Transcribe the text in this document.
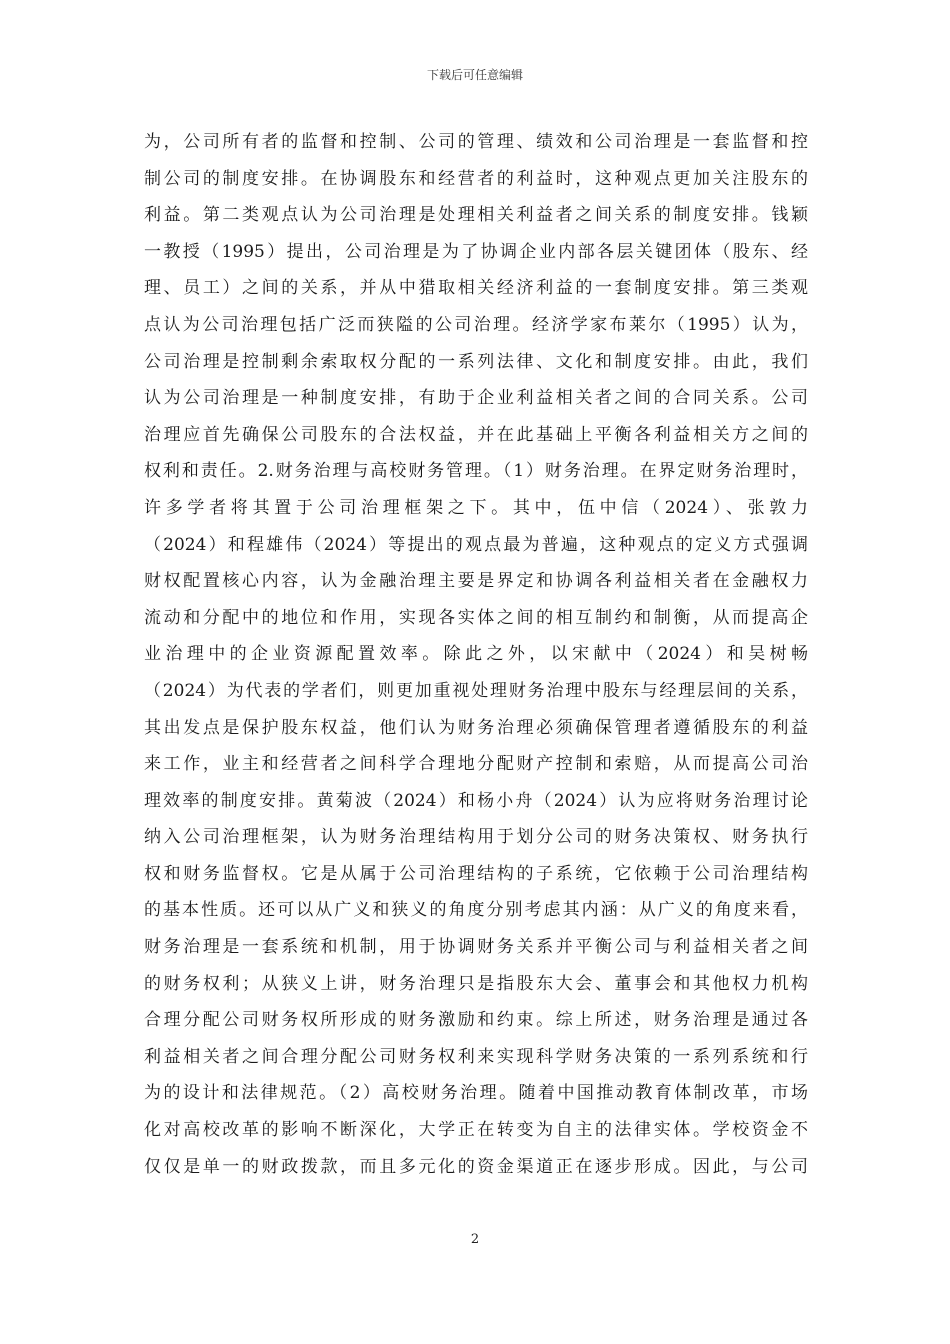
下载后可任意编辑
为，公司所有者的监督和控制、公司的管理、绩效和公司治理是一套监督和控
制公司的制度安排。在协调股东和经营者的利益时，这种观点更加关注股东的
利益。第二类观点认为公司治理是处理相关利益者之间关系的制度安排。钱颖
一教授（1995）提出，公司治理是为了协调企业内部各层关键团体（股东、经
理、员工）之间的关系，并从中猎取相关经济利益的一套制度安排。第三类观
点认为公司治理包括广泛而狭隘的公司治理。经济学家布莱尔（1995）认为，
公司治理是控制剩余索取权分配的一系列法律、文化和制度安排。由此，我们
认为公司治理是一种制度安排，有助于企业利益相关者之间的合同关系。公司
治理应首先确保公司股东的合法权益，并在此基础上平衡各利益相关方之间的
权利和责任。2.财务治理与高校财务管理。（1）财务治理。在界定财务治理时，
许多学者将其置于公司治理框架之下。其中，伍中信（2024）、张敦力
（2024）和程雄伟（2024）等提出的观点最为普遍，这种观点的定义方式强调
财权配置核心内容，认为金融治理主要是界定和协调各利益相关者在金融权力
流动和分配中的地位和作用，实现各实体之间的相互制约和制衡，从而提高企
业治理中的企业资源配置效率。除此之外，以宋献中（2024）和吴树畅
（2024）为代表的学者们，则更加重视处理财务治理中股东与经理层间的关系，
其出发点是保护股东权益，他们认为财务治理必须确保管理者遵循股东的利益
来工作，业主和经营者之间科学合理地分配财产控制和索赔，从而提高公司治
理效率的制度安排。黄菊波（2024）和杨小舟（2024）认为应将财务治理讨论
纳入公司治理框架，认为财务治理结构用于划分公司的财务决策权、财务执行
权和财务监督权。它是从属于公司治理结构的子系统，它依赖于公司治理结构
的基本性质。还可以从广义和狭义的角度分别考虑其内涵：从广义的角度来看，
财务治理是一套系统和机制，用于协调财务关系并平衡公司与利益相关者之间
的财务权利；从狭义上讲，财务治理只是指股东大会、董事会和其他权力机构
合理分配公司财务权所形成的财务激励和约束。综上所述，财务治理是通过各
利益相关者之间合理分配公司财务权利来实现科学财务决策的一系列系统和行
为的设计和法律规范。（2）高校财务治理。随着中国推动教育体制改革，市场
化对高校改革的影响不断深化，大学正在转变为自主的法律实体。学校资金不
仅仅是单一的财政拨款，而且多元化的资金渠道正在逐步形成。因此，与公司
2
